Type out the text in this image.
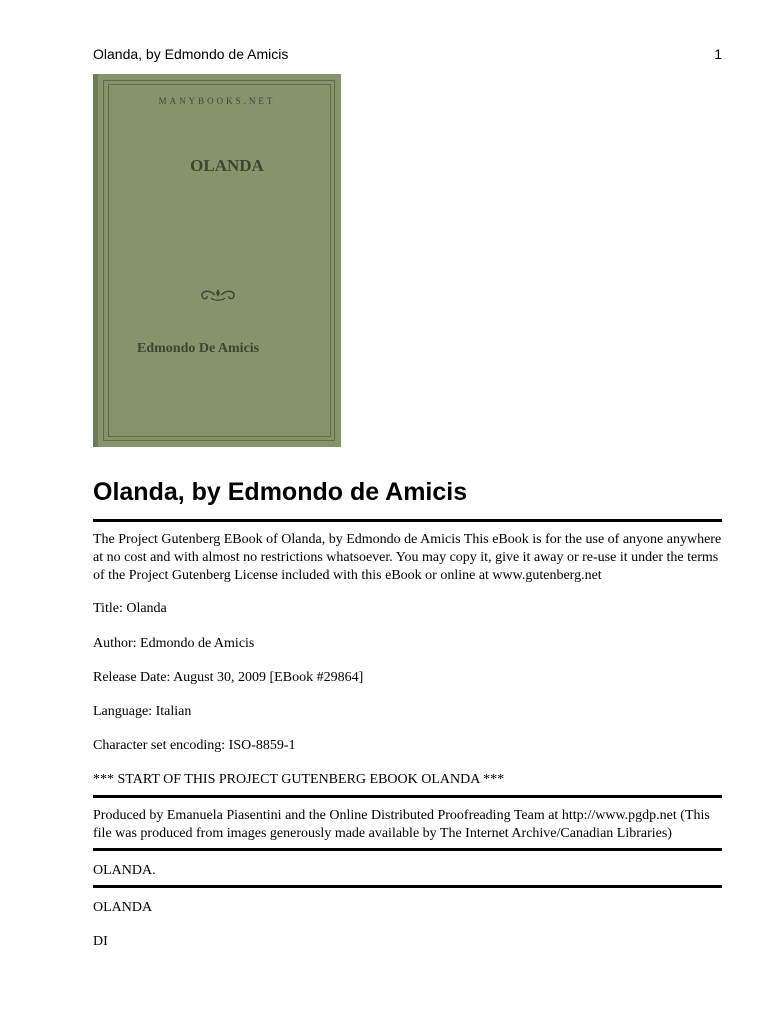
Olanda, by Edmondo de Amicis	1
MANYBOOKS.NET
OLANDA
Edmondo De Amicis
Olanda, by Edmondo de Amicis

The Project Gutenberg EBook of Olanda, by Edmondo de Amicis This eBook is for the use of anyone anywhere at no cost and with almost no restrictions whatsoever. You may copy it, give it away or re-use it under the terms of the Project Gutenberg License included with this eBook or online at www.gutenberg.net

Title: Olanda

Author: Edmondo de Amicis

Release Date: August 30, 2009 [EBook #29864]

Language: Italian

Character set encoding: ISO-8859-1

*** START OF THIS PROJECT GUTENBERG EBOOK OLANDA ***

Produced by Emanuela Piasentini and the Online Distributed Proofreading Team at http://www.pgdp.net (This file was produced from images generously made available by The Internet Archive/Canadian Libraries)

OLANDA.

OLANDA

DI
